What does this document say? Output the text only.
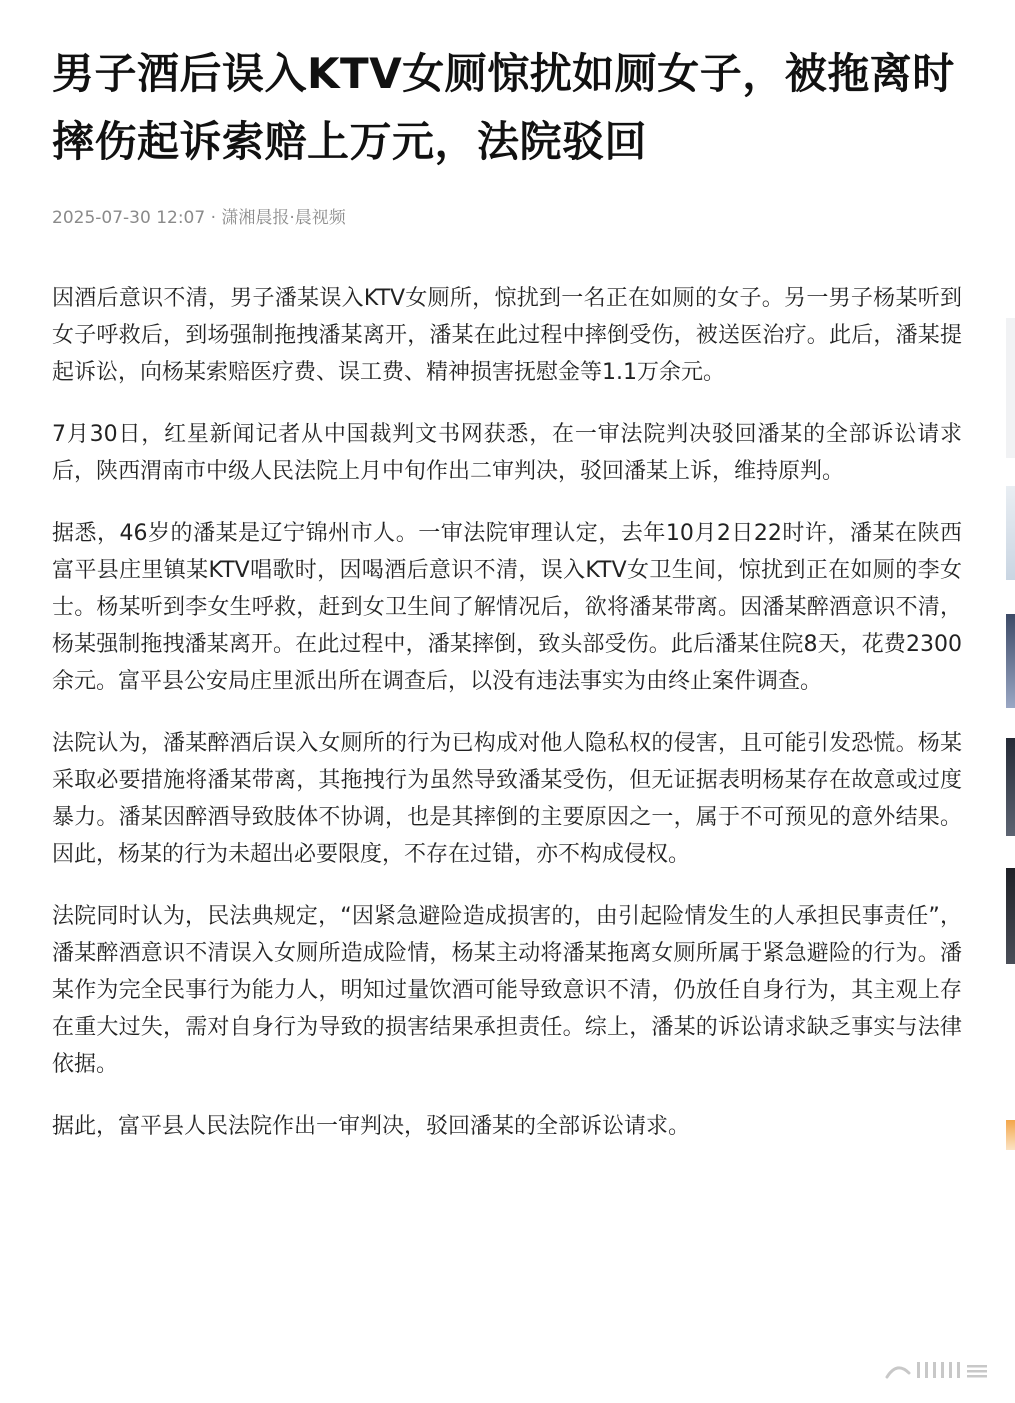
男子酒后误入KTV女厕惊扰如厕女子，被拖离时摔伤起诉索赔上万元，法院驳回
2025-07-30 12:07 · 潇湘晨报·晨视频

因酒后意识不清，男子潘某误入KTV女厕所，惊扰到一名正在如厕的女子。另一男子杨某听到女子呼救后，到场强制拖拽潘某离开，潘某在此过程中摔倒受伤，被送医治疗。此后，潘某提起诉讼，向杨某索赔医疗费、误工费、精神损害抚慰金等1.1万余元。

7月30日，红星新闻记者从中国裁判文书网获悉，在一审法院判决驳回潘某的全部诉讼请求后，陕西渭南市中级人民法院上月中旬作出二审判决，驳回潘某上诉，维持原判。

据悉，46岁的潘某是辽宁锦州市人。一审法院审理认定，去年10月2日22时许，潘某在陕西富平县庄里镇某KTV唱歌时，因喝酒后意识不清，误入KTV女卫生间，惊扰到正在如厕的李女士。杨某听到李女生呼救，赶到女卫生间了解情况后，欲将潘某带离。因潘某醉酒意识不清，杨某强制拖拽潘某离开。在此过程中，潘某摔倒，致头部受伤。此后潘某住院8天，花费2300余元。富平县公安局庄里派出所在调查后，以没有违法事实为由终止案件调查。

法院认为，潘某醉酒后误入女厕所的行为已构成对他人隐私权的侵害，且可能引发恐慌。杨某采取必要措施将潘某带离，其拖拽行为虽然导致潘某受伤，但无证据表明杨某存在故意或过度暴力。潘某因醉酒导致肢体不协调，也是其摔倒的主要原因之一，属于不可预见的意外结果。因此，杨某的行为未超出必要限度，不存在过错，亦不构成侵权。

法院同时认为，民法典规定，“因紧急避险造成损害的，由引起险情发生的人承担民事责任”，潘某醉酒意识不清误入女厕所造成险情，杨某主动将潘某拖离女厕所属于紧急避险的行为。潘某作为完全民事行为能力人，明知过量饮酒可能导致意识不清，仍放任自身行为，其主观上存在重大过失，需对自身行为导致的损害结果承担责任。综上，潘某的诉讼请求缺乏事实与法律依据。

据此，富平县人民法院作出一审判决，驳回潘某的全部诉讼请求。
